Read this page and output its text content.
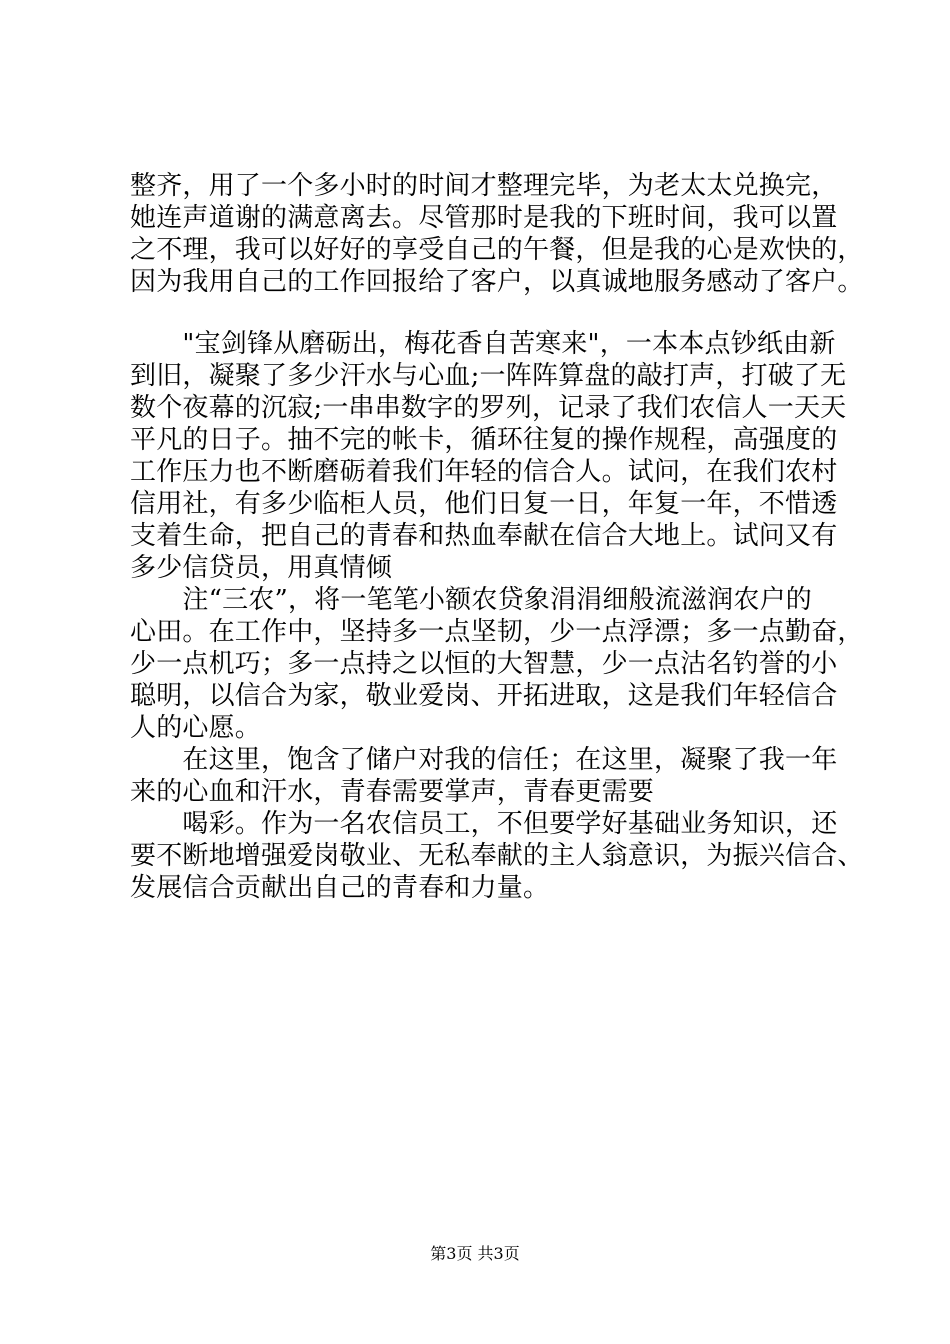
整齐，用了一个多小时的时间才整理完毕，为老太太兑换完，
她连声道谢的满意离去。尽管那时是我的下班时间，我可以置
之不理，我可以好好的享受自己的午餐，但是我的心是欢快的，
因为我用自己的工作回报给了客户，以真诚地服务感动了客户。
　　"宝剑锋从磨砺出，梅花香自苦寒来"，一本本点钞纸由新
到旧，凝聚了多少汗水与心血;一阵阵算盘的敲打声，打破了无
数个夜幕的沉寂;一串串数字的罗列，记录了我们农信人一天天
平凡的日子。抽不完的帐卡，循环往复的操作规程，高强度的
工作压力也不断磨砺着我们年轻的信合人。试问，在我们农村
信用社，有多少临柜人员，他们日复一日，年复一年，不惜透
支着生命，把自己的青春和热血奉献在信合大地上。试问又有
多少信贷员，用真情倾
　　注“三农”，将一笔笔小额农贷象涓涓细般流滋润农户的
心田。在工作中，坚持多一点坚韧，少一点浮漂；多一点勤奋，
少一点机巧；多一点持之以恒的大智慧，少一点沽名钓誉的小
聪明，以信合为家，敬业爱岗、开拓进取，这是我们年轻信合
人的心愿。
　　在这里，饱含了储户对我的信任；在这里，凝聚了我一年
来的心血和汗水，青春需要掌声，青春更需要
　　喝彩。作为一名农信员工，不但要学好基础业务知识，还
要不断地增强爱岗敬业、无私奉献的主人翁意识，为振兴信合、
发展信合贡献出自己的青春和力量。
第3页 共3页
